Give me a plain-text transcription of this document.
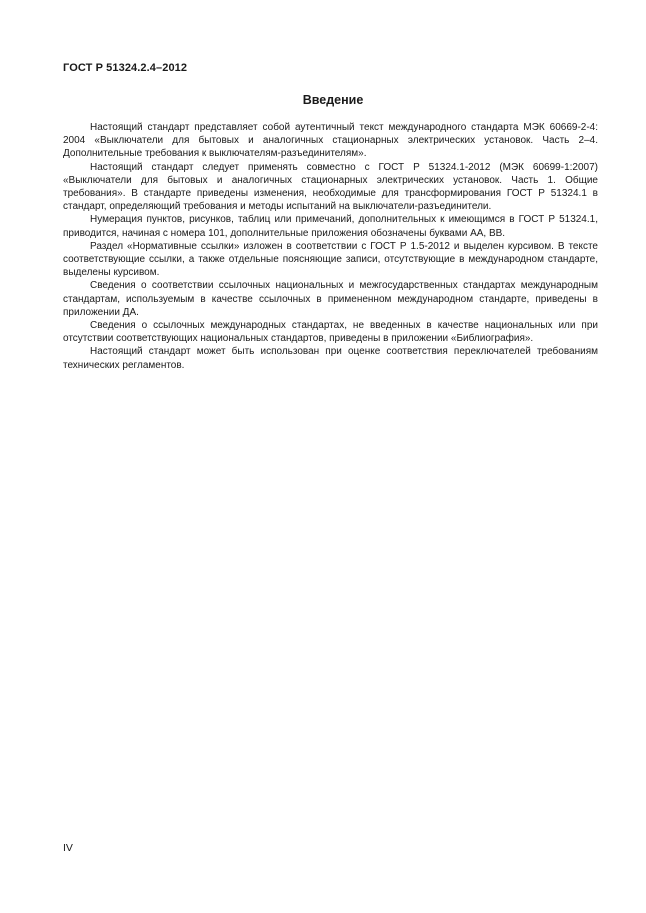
ГОСТ Р 51324.2.4–2012
Введение

Настоящий стандарт представляет собой аутентичный текст международного стандарта МЭК 60669-2-4: 2004 «Выключатели для бытовых и аналогичных стационарных электрических установок. Часть 2–4. Дополнительные требования к выключателям-разъединителям».

Настоящий стандарт следует применять совместно с ГОСТ Р 51324.1-2012 (МЭК 60699-1:2007) «Выключатели для бытовых и аналогичных стационарных электрических установок. Часть 1. Общие требования». В стандарте приведены изменения, необходимые для трансформирования ГОСТ Р 51324.1 в стандарт, определяющий требования и методы испытаний на выключатели-разъединители.

Нумерация пунктов, рисунков, таблиц или примечаний, дополнительных к имеющимся в ГОСТ Р 51324.1, приводится, начиная с номера 101, дополнительные приложения обозначены буквами АА, ВВ.

Раздел «Нормативные ссылки» изложен в соответствии с ГОСТ Р 1.5-2012 и выделен курсивом. В тексте соответствующие ссылки, а также отдельные поясняющие записи, отсутствующие в международном стандарте, выделены курсивом.

Сведения о соответствии ссылочных национальных и межгосударственных стандартах международным стандартам, используемым в качестве ссылочных в примененном международном стандарте, приведены в приложении ДА.

Сведения о ссылочных международных стандартах, не введенных в качестве национальных или при отсутствии соответствующих национальных стандартов, приведены в приложении «Библиография».

Настоящий стандарт может быть использован при оценке соответствия переключателей требованиям технических регламентов.

IV
